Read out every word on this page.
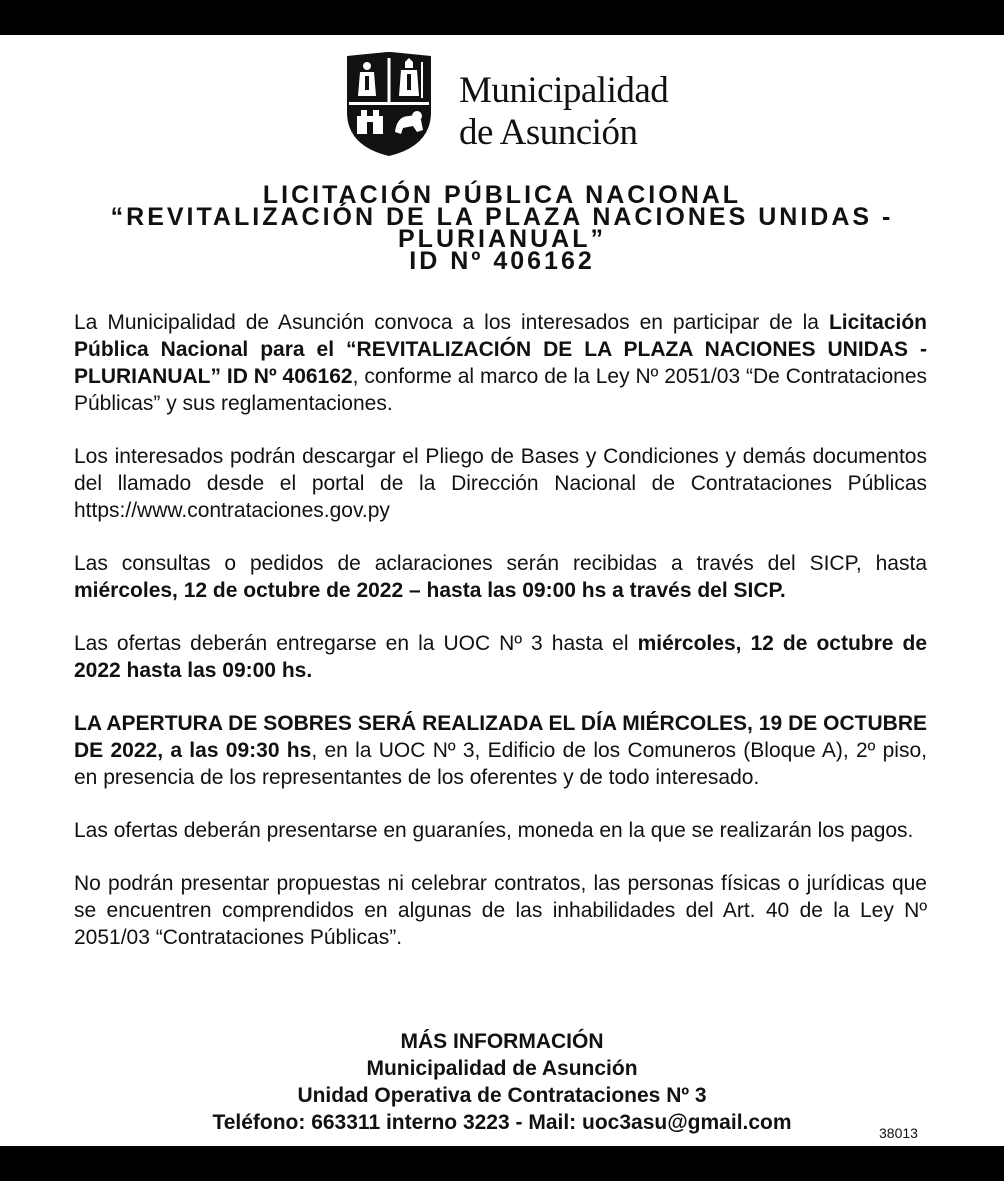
Municipalidad
de Asunción
LICITACIÓN PÚBLICA NACIONAL
“REVITALIZACIÓN DE LA PLAZA NACIONES UNIDAS -
PLURIANUAL”
ID Nº 406162

La Municipalidad de Asunción convoca a los interesados en participar de la Licitación Pública Nacional para el “REVITALIZACIÓN DE LA PLAZA NACIONES UNIDAS - PLURIANUAL” ID Nº 406162, conforme al marco de la Ley Nº 2051/03 “De Contrataciones Públicas” y sus reglamentaciones.

Los interesados podrán descargar el Pliego de Bases y Condiciones y demás documentos del llamado desde el portal de la Dirección Nacional de Contrataciones Públicas https://www.contrataciones.gov.py

Las consultas o pedidos de aclaraciones serán recibidas a través del SICP, hasta miércoles, 12 de octubre de 2022 – hasta las 09:00 hs a través del SICP.

Las ofertas deberán entregarse en la UOC Nº 3 hasta el miércoles, 12 de octubre de 2022 hasta las 09:00 hs.

LA APERTURA DE SOBRES SERÁ REALIZADA EL DÍA MIÉRCOLES, 19 DE OCTUBRE DE 2022, a las 09:30 hs, en la UOC Nº 3, Edificio de los Comuneros (Bloque A), 2º piso, en presencia de los representantes de los oferentes y de todo interesado.

Las ofertas deberán presentarse en guaraníes, moneda en la que se realizarán los pagos.

No podrán presentar propuestas ni celebrar contratos, las personas físicas o jurídicas que se encuentren comprendidos en algunas de las inhabilidades del Art. 40 de la Ley Nº 2051/03 “Contrataciones Públicas”.

MÁS INFORMACIÓN
Municipalidad de Asunción
Unidad Operativa de Contrataciones Nº 3
Teléfono: 663311 interno 3223 - Mail: uoc3asu@gmail.com	38013
